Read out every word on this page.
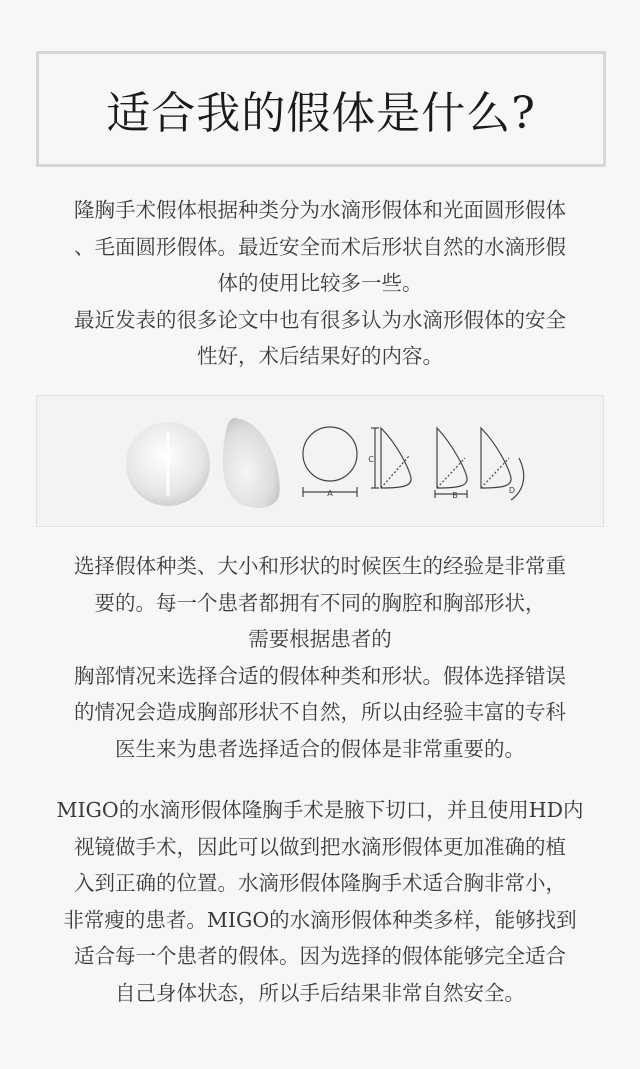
适合我的假体是什么?
隆胸手术假体根据种类分为水滴形假体和光面圆形假体
、毛面圆形假体。最近安全而术后形状自然的水滴形假
体的使用比较多一些。
最近发表的很多论文中也有很多认为水滴形假体的安全
性好，术后结果好的内容。
A
C
B
D
选择假体种类、大小和形状的时候医生的经验是非常重
要的。每一个患者都拥有不同的胸腔和胸部形状，
需要根据患者的
胸部情况来选择合适的假体种类和形状。假体选择错误
的情况会造成胸部形状不自然，所以由经验丰富的专科
医生来为患者选择适合的假体是非常重要的。
MIGO的水滴形假体隆胸手术是腋下切口，并且使用HD内
视镜做手术，因此可以做到把水滴形假体更加准确的植
入到正确的位置。水滴形假体隆胸手术适合胸非常小，
非常瘦的患者。MIGO的水滴形假体种类多样，能够找到
适合每一个患者的假体。因为选择的假体能够完全适合
自己身体状态，所以手后结果非常自然安全。
